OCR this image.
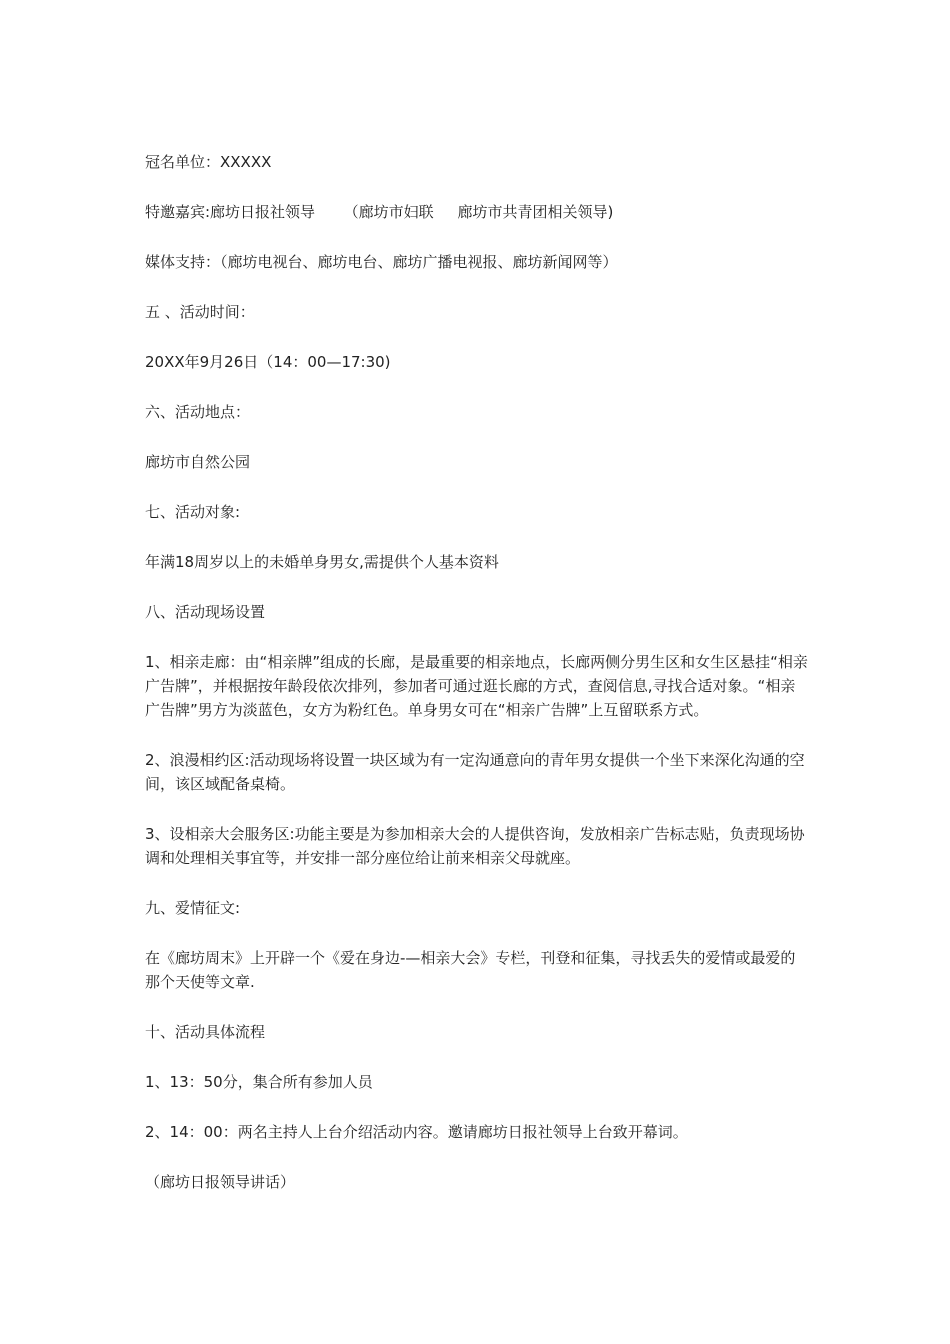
冠名单位：XXXXX

特邀嘉宾:廊坊日报社领导      （廊坊市妇联     廊坊市共青团相关领导)

媒体支持：（廊坊电视台、廊坊电台、廊坊广播电视报、廊坊新闻网等）

五 、活动时间：

20XX年9月26日（14：00—17:30)

六、活动地点：

廊坊市自然公园

七、活动对象:

年满18周岁以上的未婚单身男女,需提供个人基本资料

八、活动现场设置

1、相亲走廊：由“相亲牌”组成的长廊，是最重要的相亲地点，长廊两侧分男生区和女生区悬挂“相亲广告牌”，并根据按年龄段依次排列，参加者可通过逛长廊的方式，查阅信息,寻找合适对象。“相亲广告牌”男方为淡蓝色，女方为粉红色。单身男女可在“相亲广告牌”上互留联系方式。

2、浪漫相约区:活动现场将设置一块区域为有一定沟通意向的青年男女提供一个坐下来深化沟通的空间，该区域配备桌椅。

3、设相亲大会服务区:功能主要是为参加相亲大会的人提供咨询，发放相亲广告标志贴，负责现场协调和处理相关事宜等，并安排一部分座位给让前来相亲父母就座。

九、爱情征文:

在《廊坊周末》上开辟一个《爱在身边-—相亲大会》专栏，刊登和征集，寻找丢失的爱情或最爱的那个天使等文章.

十、活动具体流程

1、13：50分，集合所有参加人员

2、14：00：两名主持人上台介绍活动内容。邀请廊坊日报社领导上台致开幕词。

（廊坊日报领导讲话）
